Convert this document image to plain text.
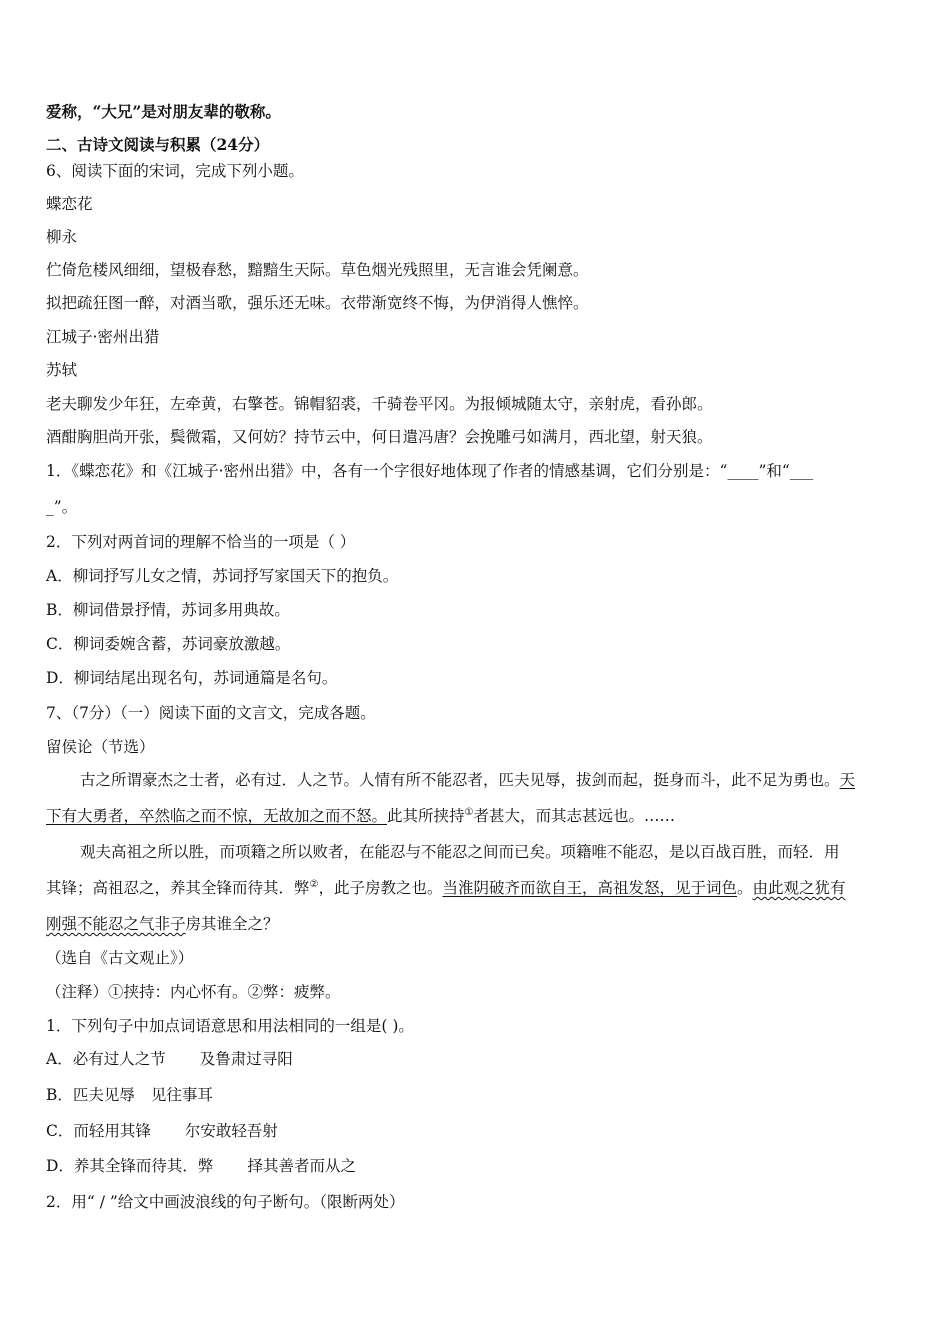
爱称，“大兄”是对朋友辈的敬称。
二、古诗文阅读与积累（24分）
6、阅读下面的宋词，完成下列小题。
蝶恋花
柳永
伫倚危楼风细细，望极春愁，黯黯生天际。草色烟光残照里，无言谁会凭阑意。
拟把疏狂图一醉，对酒当歌，强乐还无味。衣带渐宽终不悔，为伊消得人憔悴。
江城子·密州出猎
苏轼
老夫聊发少年狂，左牵黄，右擎苍。锦帽貂裘，千骑卷平冈。为报倾城随太守，亲射虎，看孙郎。
酒酣胸胆尚开张，鬓微霜，又何妨？持节云中，何日遣冯唐？会挽雕弓如满月，西北望，射天狼。
1．《蝶恋花》和《江城子·密州出猎》中，各有一个字很好地体现了作者的情感基调，它们分别是：“____”和“___
_”。
2．下列对两首词的理解不恰当的一项是（ ）
A．柳词抒写儿女之情，苏词抒写家国天下的抱负。
B．柳词借景抒情，苏词多用典故。
C．柳词委婉含蓄，苏词豪放激越。
D．柳词结尾出现名句，苏词通篇是名句。
7、（7分）（一）阅读下面的文言文，完成各题。
留侯论（节选）
古之所谓豪杰之士者，必有过．人之节。人情有所不能忍者，匹夫见辱，拔剑而起，挺身而斗，此不足为勇也。天
下有大勇者，卒然临之而不惊，无故加之而不怒。此其所挟持①者甚大，而其志甚远也。……
观夫高祖之所以胜，而项籍之所以败者，在能忍与不能忍之间而已矣。项籍唯不能忍，是以百战百胜，而轻．用
其锋；高祖忍之，养其全锋而待其．弊②，此子房教之也。当淮阴破齐而欲自王，高祖发怒，见于词色。由此观之犹有
刚强不能忍之气非子房其谁全之？
（选自《古文观止》）
（注释）①挟持：内心怀有。②弊：疲弊。
1．下列句子中加点词语意思和用法相同的一组是( )。
A．必有过人之节 及鲁肃过寻阳
B．匹夫见辱 见往事耳
C．而轻用其锋 尔安敢轻吾射
D．养其全锋而待其．弊 择其善者而从之
2．用“ / ”给文中画波浪线的句子断句。（限断两处）
